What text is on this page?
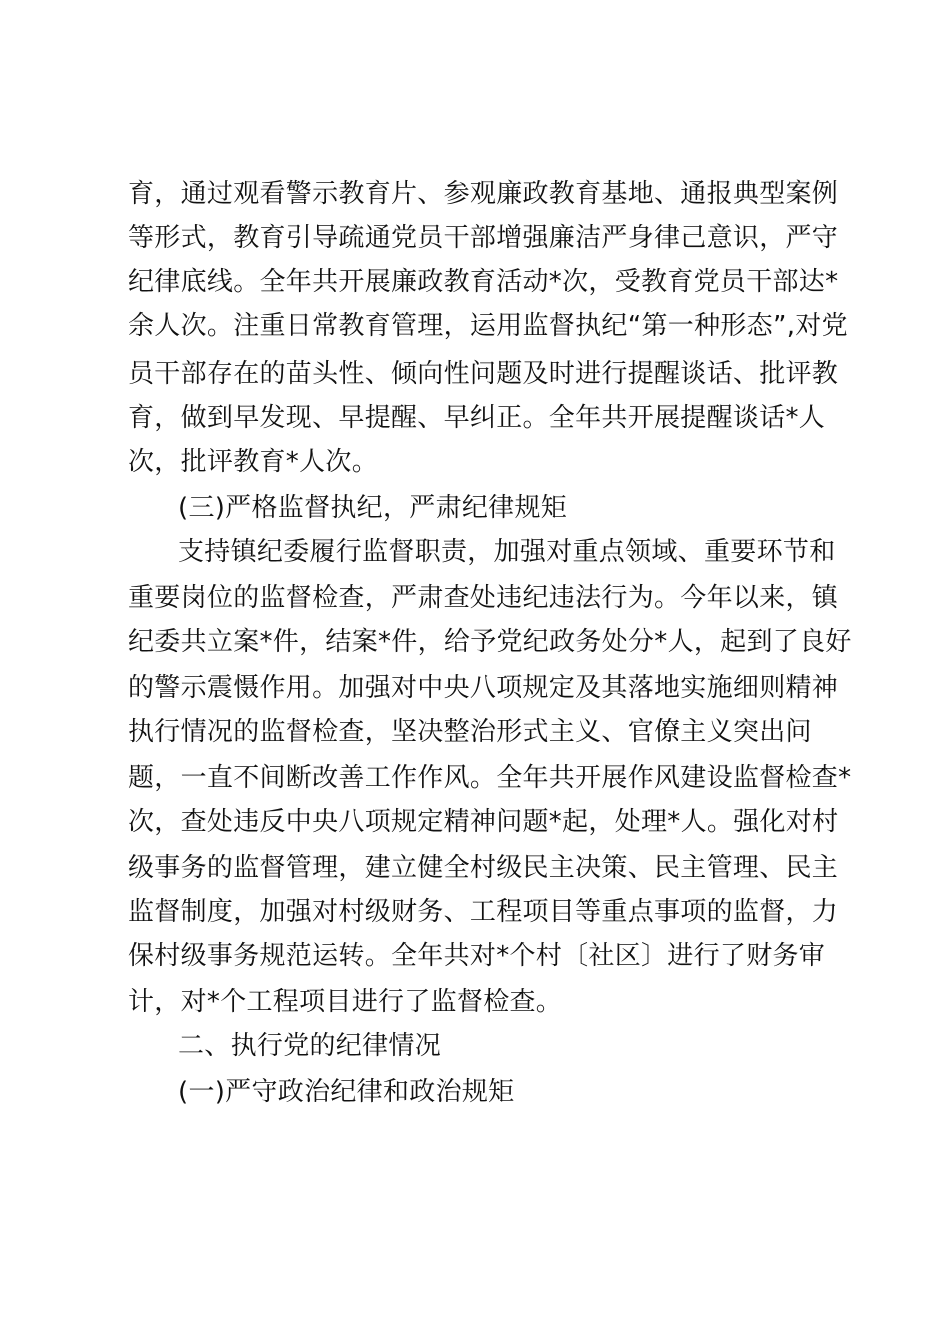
育，通过观看警示教育片、参观廉政教育基地、通报典型案例
等形式，教育引导疏通党员干部增强廉洁严身律己意识，严守
纪律底线。全年共开展廉政教育活动*次，受教育党员干部达*
余人次。注重日常教育管理，运用监督执纪“第一种形态”,对党
员干部存在的苗头性、倾向性问题及时进行提醒谈话、批评教
育，做到早发现、早提醒、早纠正。全年共开展提醒谈话*人
次，批评教育*人次。
(三)严格监督执纪，严肃纪律规矩
支持镇纪委履行监督职责，加强对重点领域、重要环节和
重要岗位的监督检查，严肃查处违纪违法行为。今年以来，镇
纪委共立案*件，结案*件，给予党纪政务处分*人，起到了良好
的警示震慑作用。加强对中央八项规定及其落地实施细则精神
执行情况的监督检查，坚决整治形式主义、官僚主义突出问
题，一直不间断改善工作作风。全年共开展作风建设监督检查*
次，查处违反中央八项规定精神问题*起，处理*人。强化对村
级事务的监督管理，建立健全村级民主决策、民主管理、民主
监督制度，加强对村级财务、工程项目等重点事项的监督，力
保村级事务规范运转。全年共对*个村〔社区〕进行了财务审
计，对*个工程项目进行了监督检查。
二、执行党的纪律情况
(一)严守政治纪律和政治规矩
